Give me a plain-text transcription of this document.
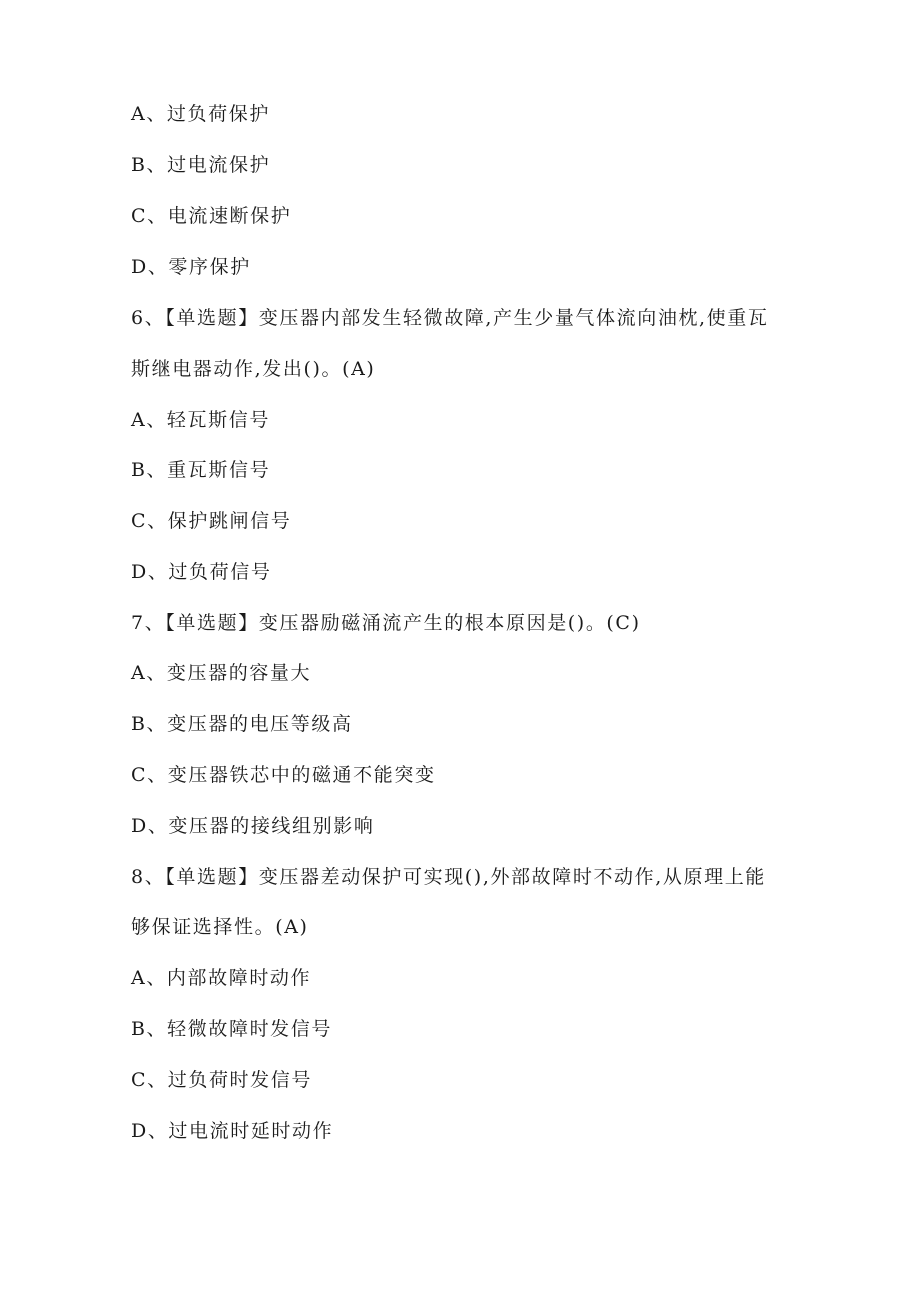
A、过负荷保护
B、过电流保护
C、电流速断保护
D、零序保护
6、【单选题】变压器内部发生轻微故障,产生少量气体流向油枕,使重瓦
斯继电器动作,发出()。(A)
A、轻瓦斯信号
B、重瓦斯信号
C、保护跳闸信号
D、过负荷信号
7、【单选题】变压器励磁涌流产生的根本原因是()。(C)
A、变压器的容量大
B、变压器的电压等级高
C、变压器铁芯中的磁通不能突变
D、变压器的接线组别影响
8、【单选题】变压器差动保护可实现(),外部故障时不动作,从原理上能
够保证选择性。(A)
A、内部故障时动作
B、轻微故障时发信号
C、过负荷时发信号
D、过电流时延时动作
